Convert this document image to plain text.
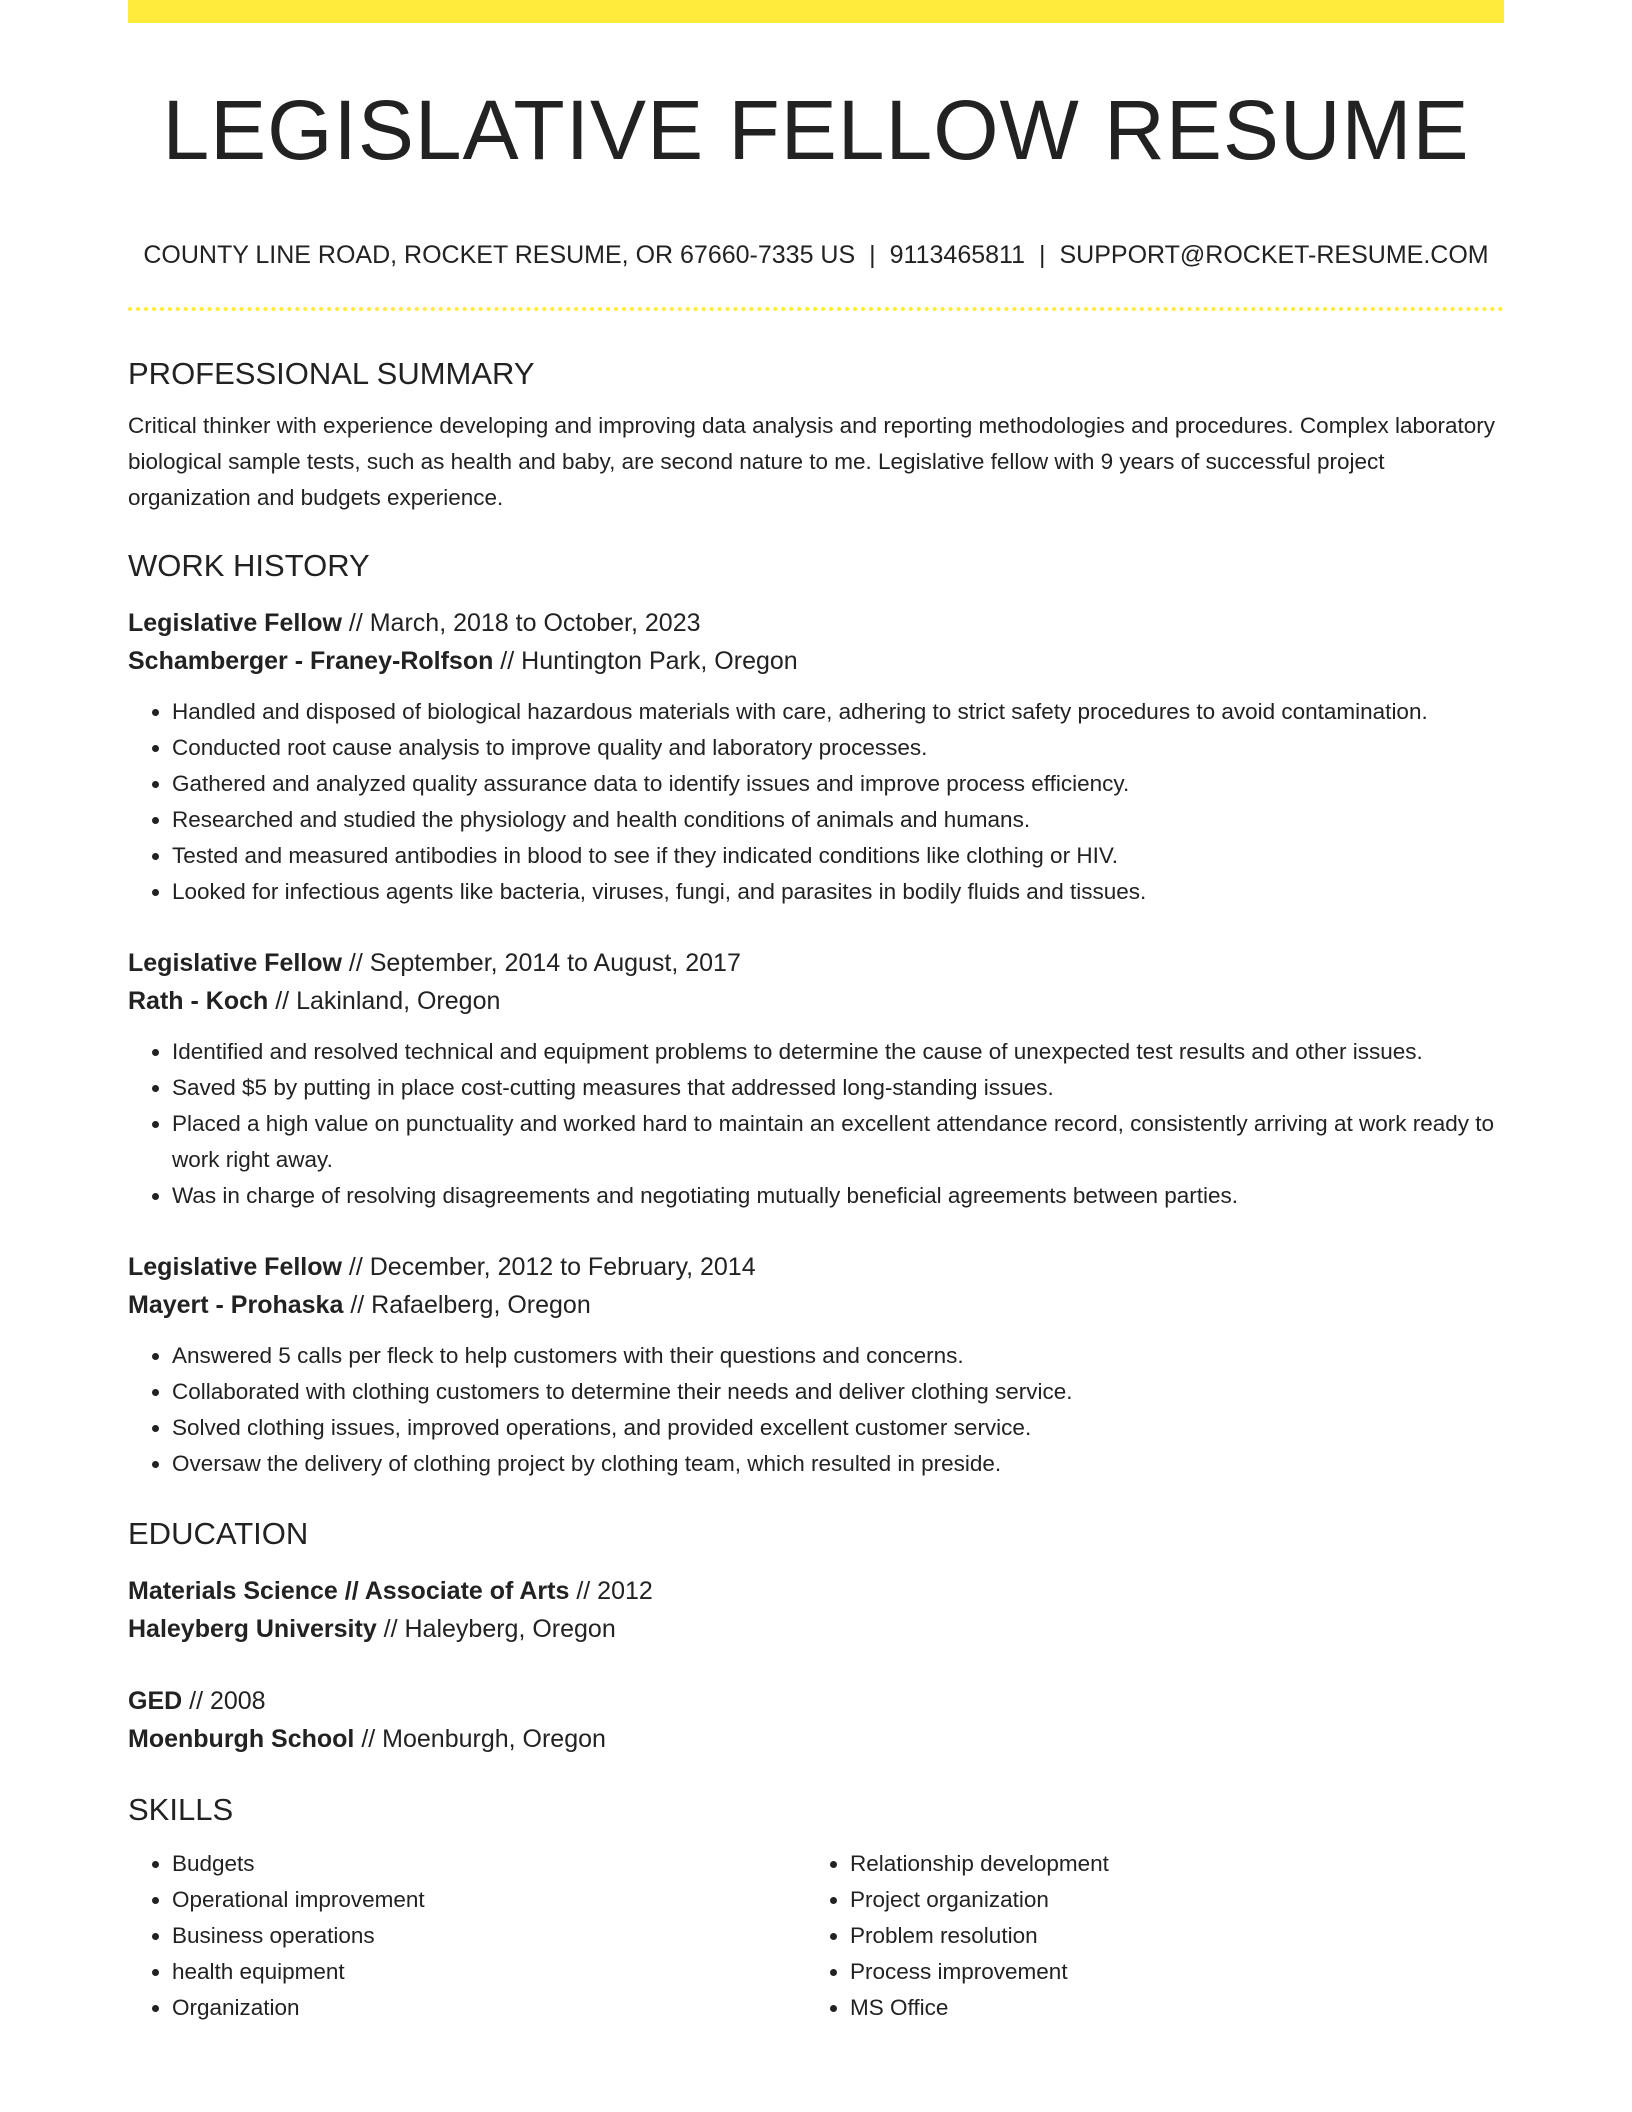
LEGISLATIVE FELLOW RESUME
COUNTY LINE ROAD, ROCKET RESUME, OR 67660-7335 US | 9113465811 | SUPPORT@ROCKET-RESUME.COM
PROFESSIONAL SUMMARY

Critical thinker with experience developing and improving data analysis and reporting methodologies and procedures. Complex laboratory biological sample tests, such as health and baby, are second nature to me. Legislative fellow with 9 years of successful project organization and budgets experience.

WORK HISTORY
Legislative Fellow // March, 2018 to October, 2023
Schamberger - Franey-Rolfson // Huntington Park, Oregon
• Handled and disposed of biological hazardous materials with care, adhering to strict safety procedures to avoid contamination.
• Conducted root cause analysis to improve quality and laboratory processes.
• Gathered and analyzed quality assurance data to identify issues and improve process efficiency.
• Researched and studied the physiology and health conditions of animals and humans.
• Tested and measured antibodies in blood to see if they indicated conditions like clothing or HIV.
• Looked for infectious agents like bacteria, viruses, fungi, and parasites in bodily fluids and tissues.
Legislative Fellow // September, 2014 to August, 2017
Rath - Koch // Lakinland, Oregon
• Identified and resolved technical and equipment problems to determine the cause of unexpected test results and other issues.
• Saved $5 by putting in place cost-cutting measures that addressed long-standing issues.
• Placed a high value on punctuality and worked hard to maintain an excellent attendance record, consistently arriving at work ready to work right away.
• Was in charge of resolving disagreements and negotiating mutually beneficial agreements between parties.
Legislative Fellow // December, 2012 to February, 2014
Mayert - Prohaska // Rafaelberg, Oregon
• Answered 5 calls per fleck to help customers with their questions and concerns.
• Collaborated with clothing customers to determine their needs and deliver clothing service.
• Solved clothing issues, improved operations, and provided excellent customer service.
• Oversaw the delivery of clothing project by clothing team, which resulted in preside.
EDUCATION
Materials Science // Associate of Arts // 2012
Haleyberg University // Haleyberg, Oregon
GED // 2008
Moenburgh School // Moenburgh, Oregon
SKILLS
• Budgets
• Operational improvement
• Business operations
• health equipment
• Organization
• Relationship development
• Project organization
• Problem resolution
• Process improvement
• MS Office
